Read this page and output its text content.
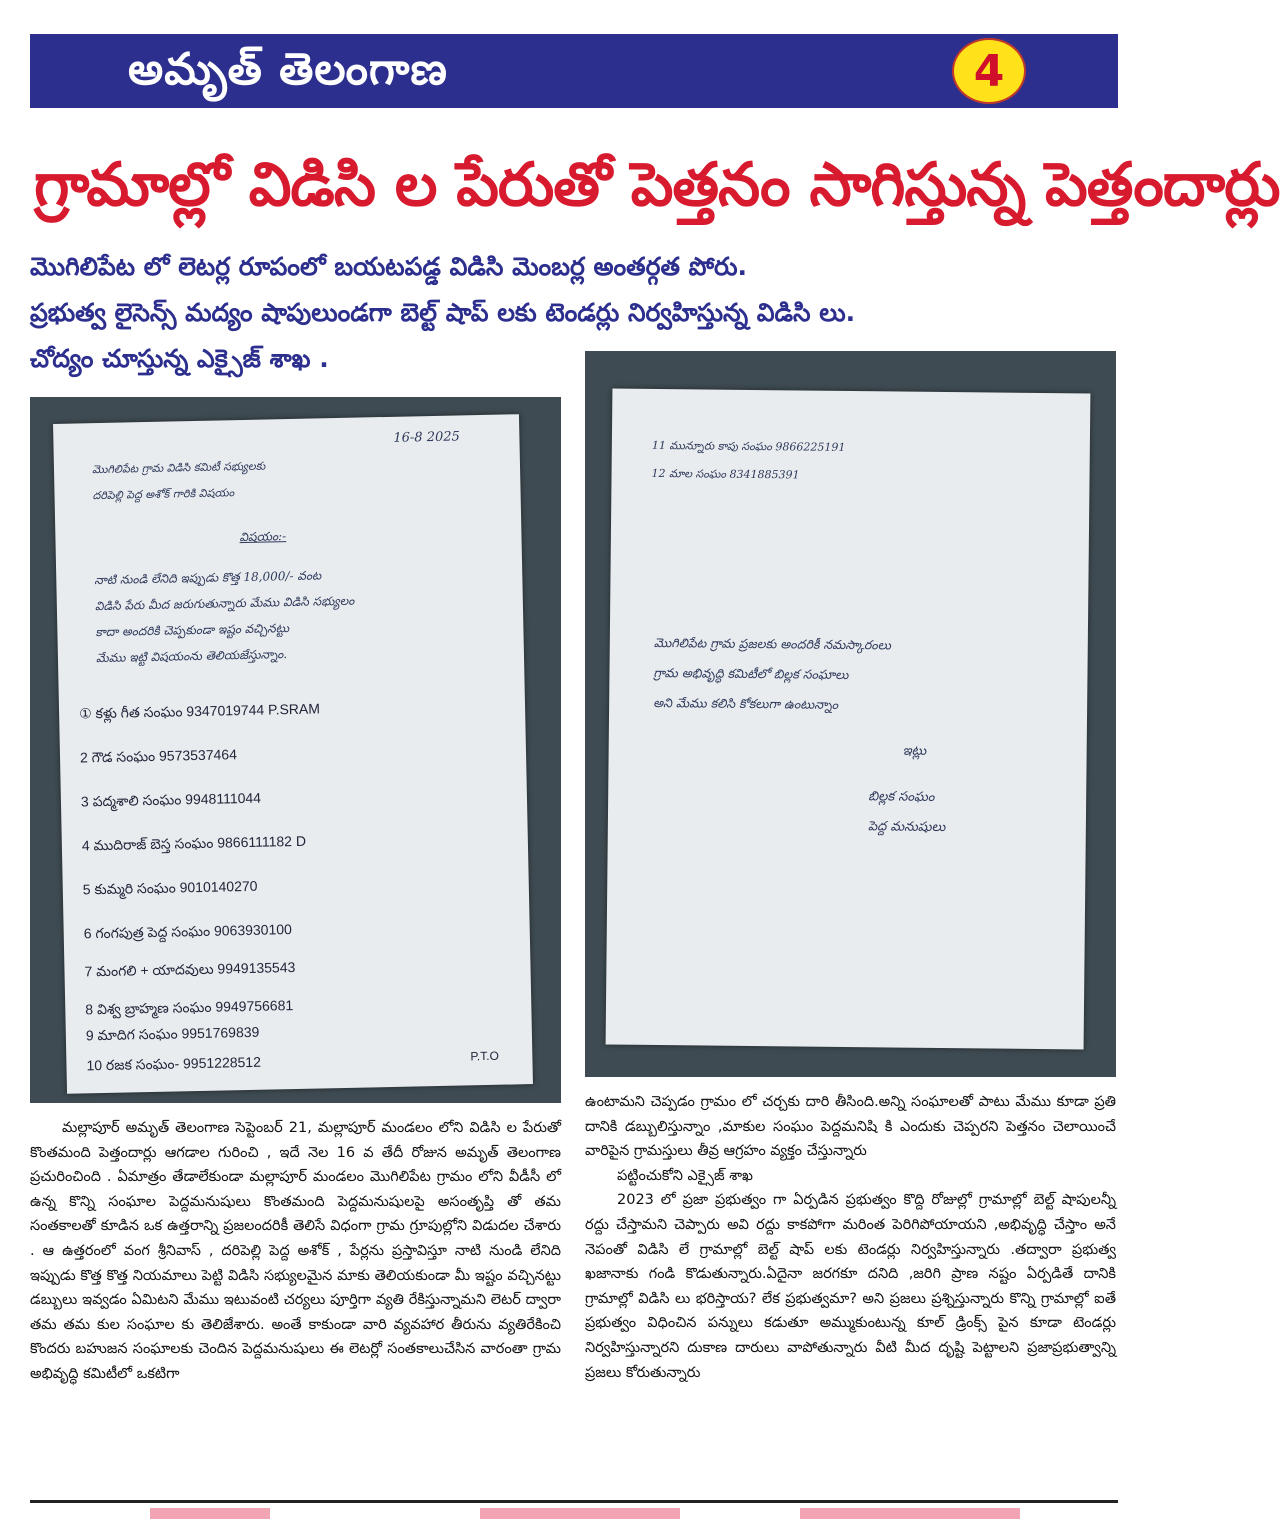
అమృత్ తెలంగాణ	4
గ్రామాల్లో విడిసి ల పేరుతో పెత్తనం సాగిస్తున్న పెత్తందార్లు
మొగిలిపేట లో లెటర్ల రూపంలో బయటపడ్డ విడిసి మెంబర్ల అంతర్గత పోరు.
ప్రభుత్వ లైసెన్స్ మద్యం షాపులుండగా బెల్ట్ షాప్ లకు టెండర్లు నిర్వహిస్తున్న విడిసి లు.
చోద్యం చూస్తున్న ఎక్సైజ్ శాఖ .
16-8 2025
మొగిలిపేట గ్రామ విడిసి కమిటీ సభ్యులకు
దరిపెల్లి పెద్ద అశోక్ గారికి విషయం
విషయం:-
నాటి నుండి లేనిది ఇప్పుడు కొత్త 18,000/- వంట
విడిసి పేరు మీద జరుగుతున్నారు మేము విడిసి సభ్యులం
కాదా అందరికి చెప్పకుండా ఇష్టం వచ్చినట్టు
మేము ఇట్టి విషయంను తెలియజేస్తున్నాం.
① కళ్లు గీత సంఘం 9347019744 P.SRAM
2 గౌడ సంఘం 9573537464
3 పద్మశాలి సంఘం 9948111044
4 ముదిరాజ్ బెస్త సంఘం 9866111182 D
5 కుమ్మరి సంఘం 9010140270
6 గంగపుత్ర పెద్ద సంఘం 9063930100
7 మంగలి + యాదవులు 9949135543
8 విశ్వ బ్రాహ్మణ సంఘం 9949756681
9 మాదిగ సంఘం 9951769839
10 రజక సంఘం- 9951228512	P.T.O
11 మున్నూరు కాపు సంఘం 9866225191
12 మాల సంఘం 8341885391
మొగిలిపేట గ్రామ ప్రజలకు అందరికీ నమస్కారంలు
గ్రామ అభివృద్ధి కమిటీలో బిల్లక సంఘాలు
అని మేము కలిసి కోకలుగా ఉంటున్నాం
ఇట్లు
బిల్లక సంఘం
పెద్ద మనుషులు

మల్లాపూర్ అమృత్ తెలంగాణ సెప్టెంబర్ 21, మల్లాపూర్ మండలం లోని విడిసి ల పేరుతో కొంతమంది పెత్తందార్లు ఆగడాల గురించి , ఇదే నెల 16 వ తేదీ రోజున అమృత్ తెలంగాణ ప్రచురించింది . ఏమాత్రం తేడాలేకుండా మల్లాపూర్ మండలం మొగిలిపేట గ్రామం లోని వీడీసీ లో ఉన్న కొన్ని సంఘాల పెద్దమనుషులు కొంతమంది పెద్దమనుషులపై అసంతృప్తి తో తమ సంతకాలతో కూడిన ఒక ఉత్తరాన్ని ప్రజలందరికీ తెలిసే విధంగా గ్రామ గ్రూపుల్లోని విడుదల చేశారు . ఆ ఉత్తరంలో వంగ శ్రీనివాస్ , దరిపెల్లి పెద్ద అశోక్ , పేర్లను ప్రస్తావిస్తూ నాటి నుండి లేనిది ఇప్పుడు కొత్త కొత్త నియమాలు పెట్టి విడిసి సభ్యులమైన మాకు తెలియకుండా మీ ఇష్టం వచ్చినట్టు డబ్బులు ఇవ్వడం ఏమిటని మేము ఇటువంటి చర్యలు పూర్తిగా వ్యతి రేకిస్తున్నామని లెటర్ ద్వారా తమ తమ కుల సంఘాల కు తెలిజేశారు. అంతే కాకుండా వారి వ్యవహార తీరును వ్యతిరేకించి కొందరు బహుజన సంఘాలకు చెందిన పెద్దమనుషులు ఈ లెటర్లో సంతకాలుచేసిన వారంతా గ్రామ అభివృద్ధి కమిటీలో ఒకటిగా

ఉంటామని చెప్పడం గ్రామం లో చర్చకు దారి తీసింది.అన్ని సంఘాలతో పాటు మేము కూడా ప్రతి దానికి డబ్బులిస్తున్నాం ,మాకుల సంఘం పెద్దమనిషి కి ఎందుకు చెప్పరని పెత్తనం చెలాయించే వారిపైన గ్రామస్తులు తీవ్ర ఆగ్రహం వ్యక్తం చేస్తున్నారు

పట్టించుకోని ఎక్సైజ్ శాఖ

2023 లో ప్రజా ప్రభుత్వం గా ఏర్పడిన ప్రభుత్వం కొద్ది రోజుల్లో గ్రామాల్లో బెల్ట్ షాపులన్నీ రద్దు చేస్తామని చెప్పారు అవి రద్దు కాకపోగా మరింత పెరిగిపోయాయని ,అభివృద్ధి చేస్తాం అనే నెపంతో విడిసి లే గ్రామాల్లో బెల్ట్ షాప్ లకు టెండర్లు నిర్వహిస్తున్నారు .తద్వారా ప్రభుత్వ ఖజానాకు గండి కొడుతున్నారు.ఏదైనా జరగకూ దనిది ,జరిగి ప్రాణ నష్టం ఏర్పడితే దానికి గ్రామాల్లో విడిసి లు భరిస్తాయ? లేక ప్రభుత్వమా? అని ప్రజలు ప్రశ్నిస్తున్నారు కొన్ని గ్రామాల్లో ఐతే ప్రభుత్వం విధించిన పన్నులు కడుతూ అమ్ముకుంటున్న కూల్ డ్రింక్స్ పైన కూడా టెండర్లు నిర్వహిస్తున్నారని దుకాణ దారులు వాపోతున్నారు వీటి మీద దృష్టి పెట్టాలని ప్రజాప్రభుత్వాన్ని ప్రజలు కోరుతున్నారు
